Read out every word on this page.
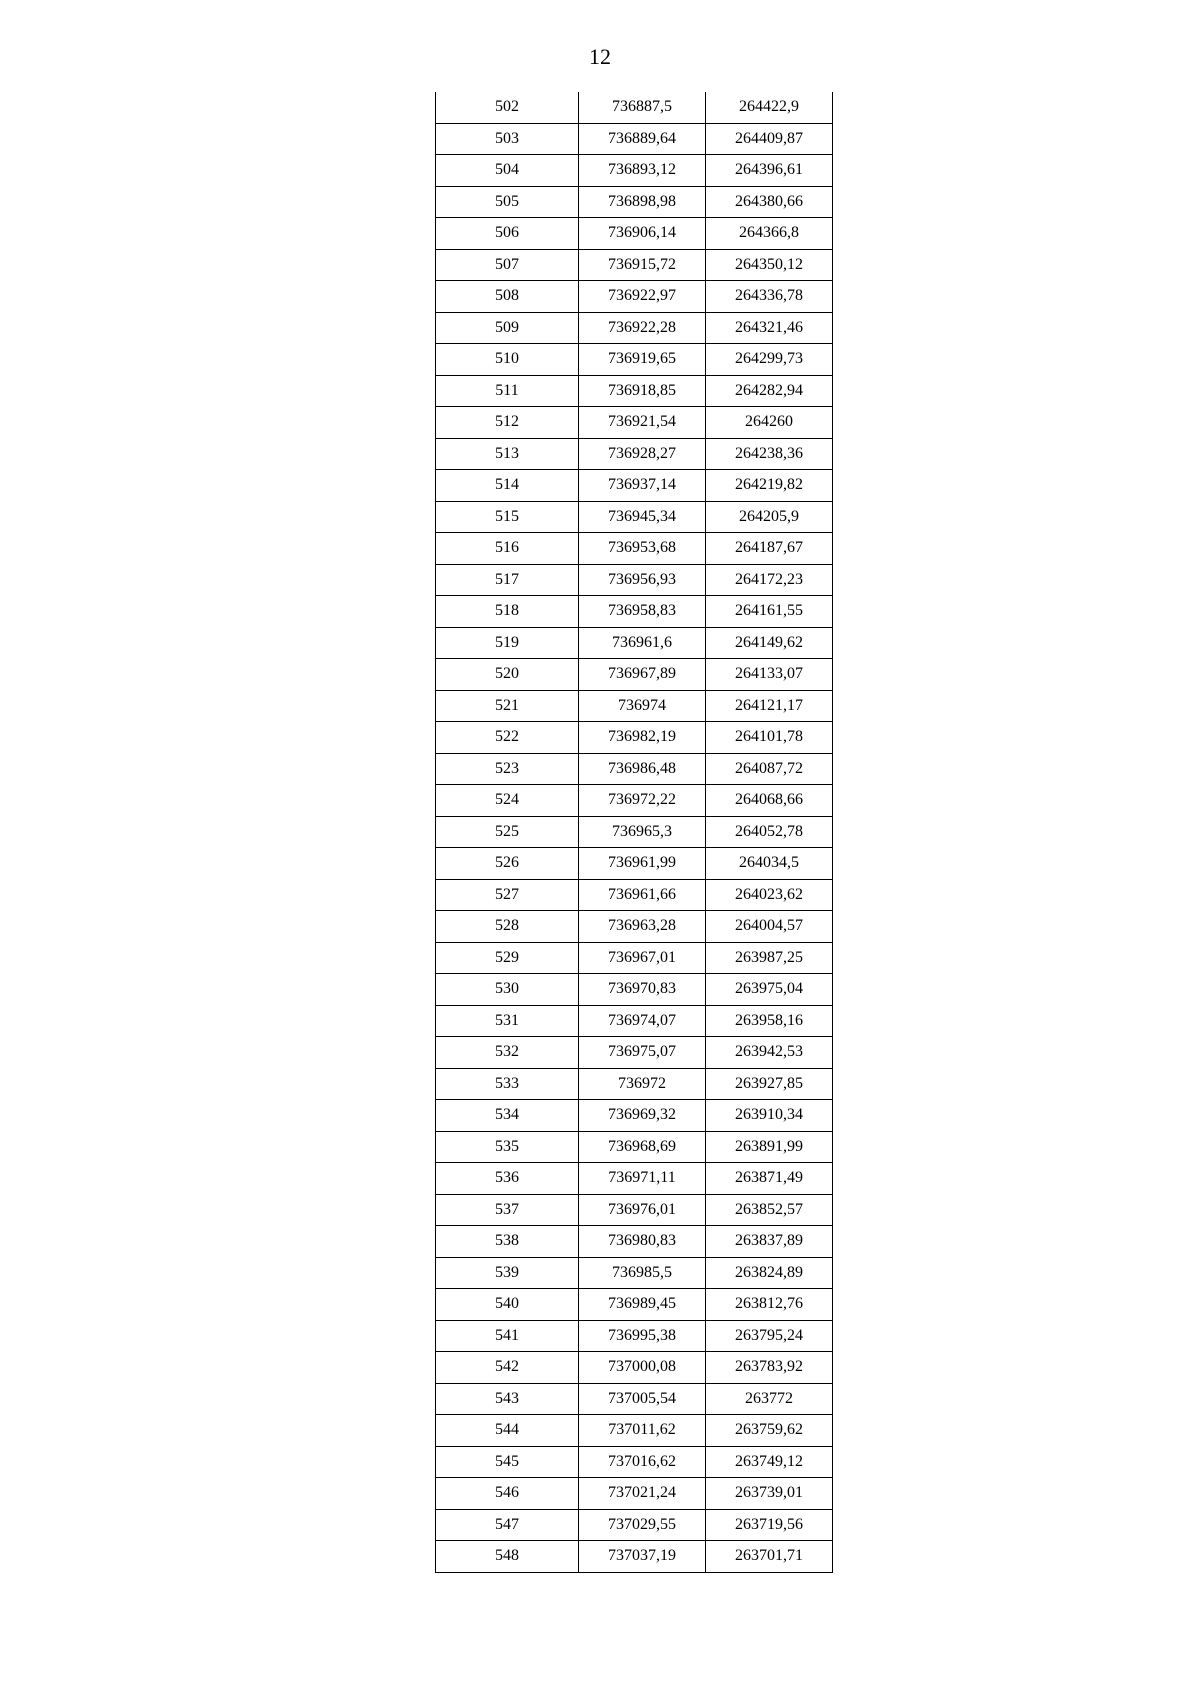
12
502	736887,5	264422,9
503	736889,64	264409,87
504	736893,12	264396,61
505	736898,98	264380,66
506	736906,14	264366,8
507	736915,72	264350,12
508	736922,97	264336,78
509	736922,28	264321,46
510	736919,65	264299,73
511	736918,85	264282,94
512	736921,54	264260
513	736928,27	264238,36
514	736937,14	264219,82
515	736945,34	264205,9
516	736953,68	264187,67
517	736956,93	264172,23
518	736958,83	264161,55
519	736961,6	264149,62
520	736967,89	264133,07
521	736974	264121,17
522	736982,19	264101,78
523	736986,48	264087,72
524	736972,22	264068,66
525	736965,3	264052,78
526	736961,99	264034,5
527	736961,66	264023,62
528	736963,28	264004,57
529	736967,01	263987,25
530	736970,83	263975,04
531	736974,07	263958,16
532	736975,07	263942,53
533	736972	263927,85
534	736969,32	263910,34
535	736968,69	263891,99
536	736971,11	263871,49
537	736976,01	263852,57
538	736980,83	263837,89
539	736985,5	263824,89
540	736989,45	263812,76
541	736995,38	263795,24
542	737000,08	263783,92
543	737005,54	263772
544	737011,62	263759,62
545	737016,62	263749,12
546	737021,24	263739,01
547	737029,55	263719,56
548	737037,19	263701,71
